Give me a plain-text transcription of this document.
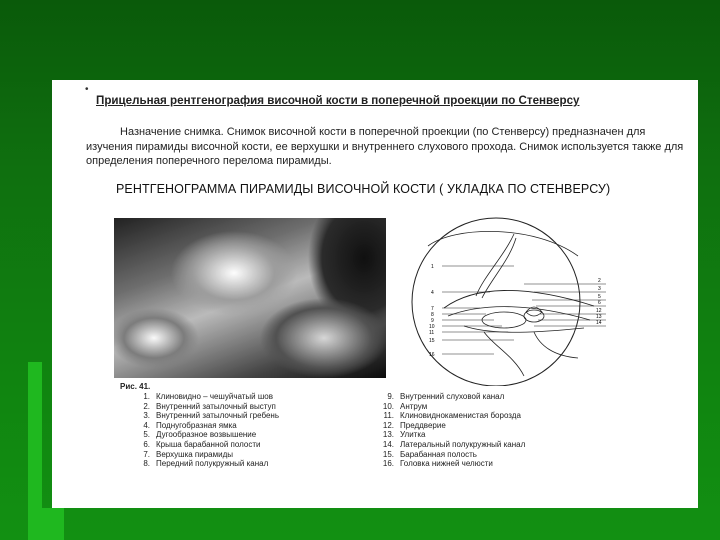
•
Прицельная рентгенография височной кости в поперечной проекции по Стенверсу
Назначение снимка. Снимок височной кости в поперечной проекции (по Стенверсу) предназначен для изучения пирамиды височной кости, ее верхушки и внутреннего слухового прохода. Снимок используется также для определения поперечного перелома пирамиды.
РЕНТГЕНОГРАММА ПИРАМИДЫ ВИСОЧНОЙ КОСТИ ( УКЛАДКА ПО СТЕНВЕРСУ)
1
4
7
8
9
10
11
15
16
2
3
5
6
12
13
14
Рис. 41.
1. Клиновидно – чешуйчатый шов
2. Внутренний затылочный выступ
3. Внутренний затылочный гребень
4. Поднугобразная ямка
5. Дугообразное возвышение
6. Крыша барабанной полости
7. Верхушка пирамиды
8. Передний полукружный канал
9. Внутренний слуховой канал
10. Антрум
11. Клиновиднокаменистая борозда
12. Преддверие
13. Улитка
14. Латеральный полукружный канал
15. Барабанная полость
16. Головка нижней челюсти
